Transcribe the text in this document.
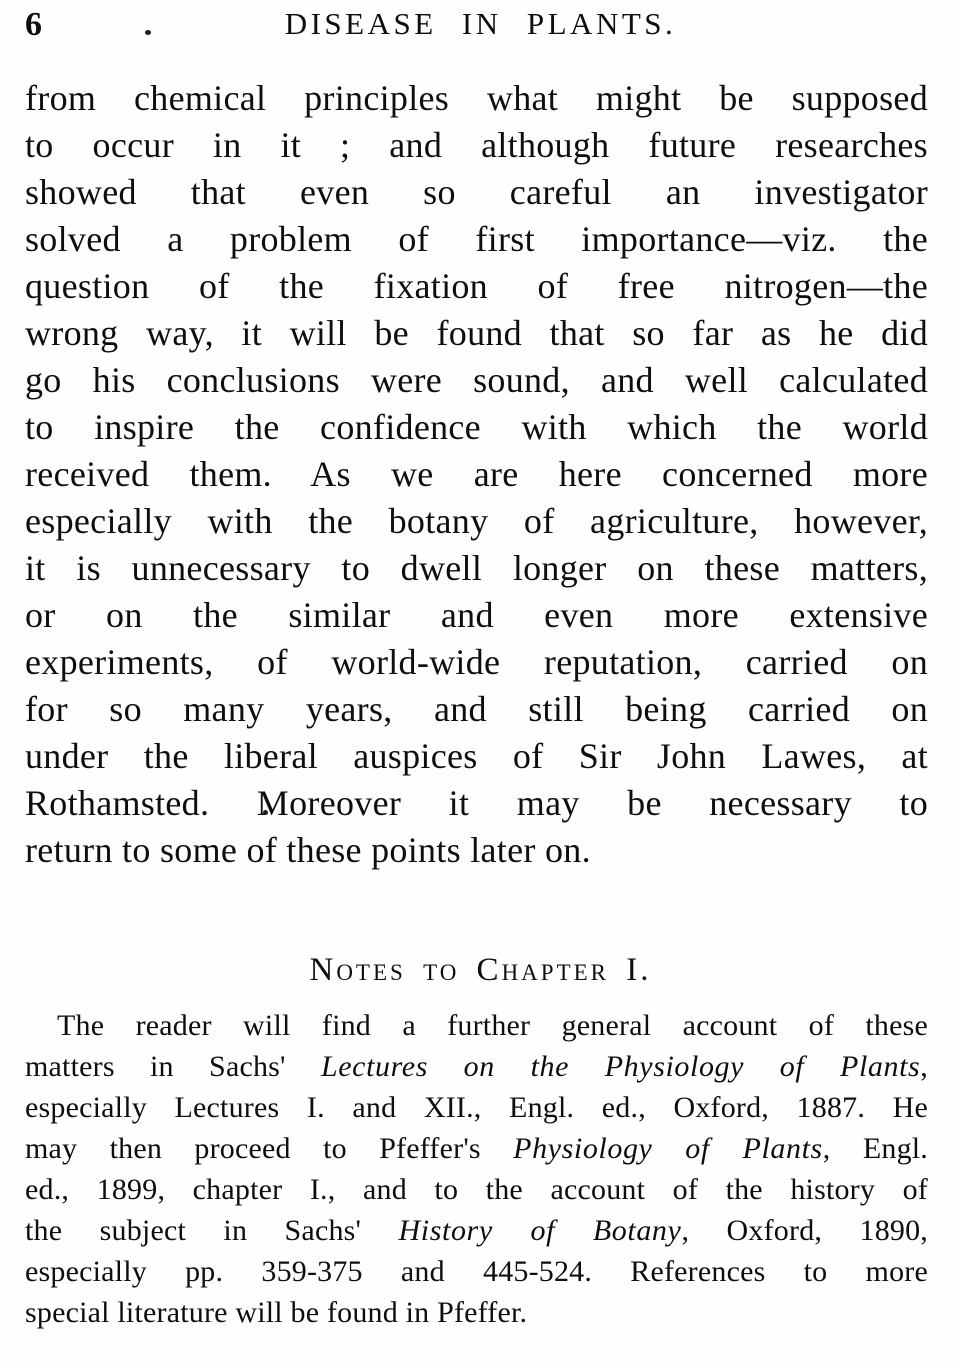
6	DISEASE IN PLANTS.
from chemical principles what might be supposed
to occur in it ; and although future researches
showed that even so careful an investigator
solved a problem of first importance—viz. the
question of the fixation of free nitrogen—the
wrong way, it will be found that so far as he did
go his conclusions were sound, and well calculated
to inspire the confidence with which the world
received them. As we are here concerned more
especially with the botany of agriculture, however,
it is unnecessary to dwell longer on these matters,
or on the similar and even more extensive
experiments, of world-wide reputation, carried on
for so many years, and still being carried on
under the liberal auspices of Sir John Lawes, at
Rothamsted. Moreover it may be necessary to
return to some of these points later on.
Notes to Chapter I.
The reader will find a further general account of these
matters in Sachs' Lectures on the Physiology of Plants,
especially Lectures I. and XII., Engl. ed., Oxford, 1887. He
may then proceed to Pfeffer's Physiology of Plants, Engl.
ed., 1899, chapter I., and to the account of the history of
the subject in Sachs' History of Botany, Oxford, 1890,
especially pp. 359-375 and 445-524. References to more
special literature will be found in Pfeffer.
